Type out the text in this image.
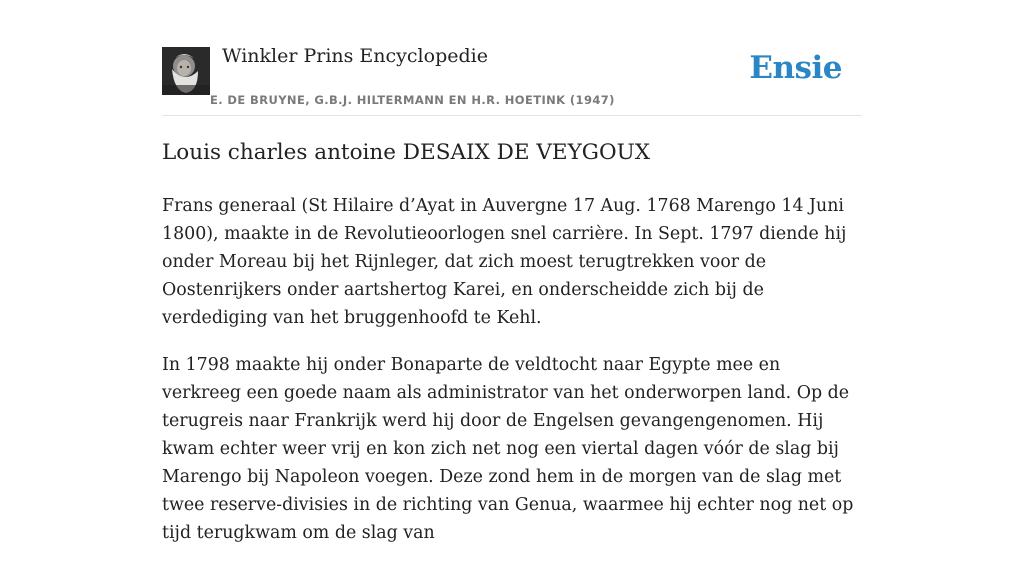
Winkler Prins Encyclopedie
E. DE BRUYNE, G.B.J. HILTERMANN EN H.R. HOETINK (1947)
Ensie
Louis charles antoine DESAIX DE VEYGOUX

Frans generaal (St Hilaire d’Ayat in Auvergne 17 Aug. 1768 Marengo 14 Juni 1800), maakte in de Revolutieoorlogen snel carrière. In Sept. 1797 diende hij onder Moreau bij het Rijnleger, dat zich moest terugtrekken voor de Oostenrijkers onder aartshertog Karei, en onderscheidde zich bij de verdediging van het bruggenhoofd te Kehl.

In 1798 maakte hij onder Bonaparte de veldtocht naar Egypte mee en verkreeg een goede naam als administrator van het onderworpen land. Op de terugreis naar Frankrijk werd hij door de Engelsen gevangengenomen. Hij kwam echter weer vrij en kon zich net nog een viertal dagen vóór de slag bij Marengo bij Napoleon voegen. Deze zond hem in de morgen van de slag met twee reserve-divisies in de richting van Genua, waarmee hij echter nog net op tijd terugkwam om de slag van
